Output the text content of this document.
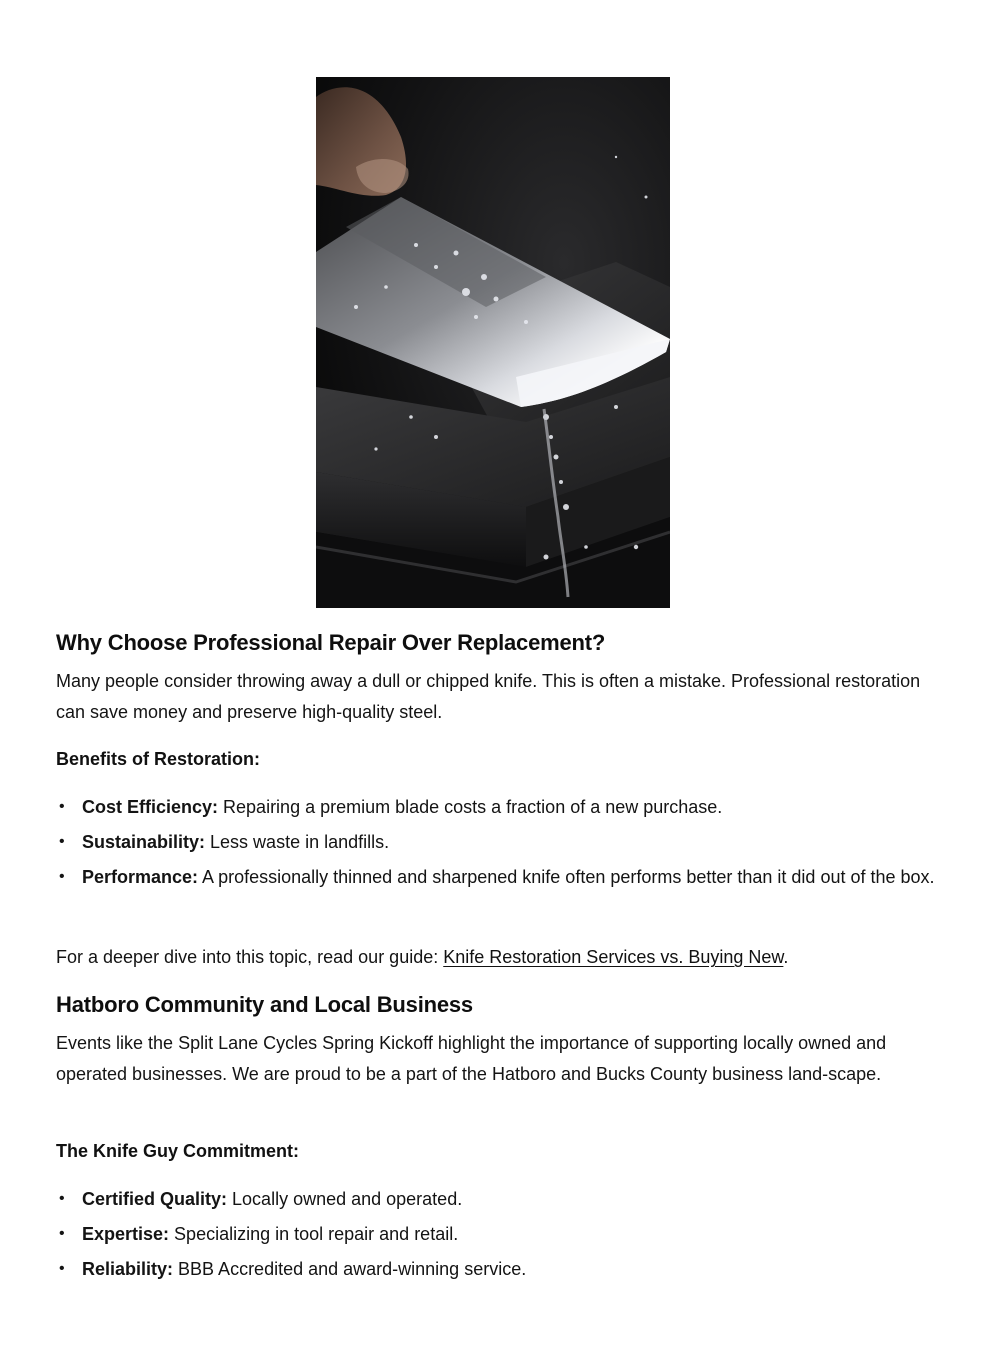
Why Choose Professional Repair Over Replacement?

Many people consider throwing away a dull or chipped knife. This is often a mistake. Professional restoration can save money and preserve high-quality steel.

Benefits of Restoration:

• Cost Efficiency: Repairing a premium blade costs a fraction of a new purchase.
• Sustainability: Less waste in landfills.
• Performance: A professionally thinned and sharpened knife often performs better than it did out of the box.

For a deeper dive into this topic, read our guide: Knife Restoration Services vs. Buying New.

Hatboro Community and Local Business

Events like the Split Lane Cycles Spring Kickoff highlight the importance of supporting locally owned and operated businesses. We are proud to be a part of the Hatboro and Bucks County business land-scape.

The Knife Guy Commitment:

• Certified Quality: Locally owned and operated.
• Expertise: Specializing in tool repair and retail.
• Reliability: BBB Accredited and award-winning service.
